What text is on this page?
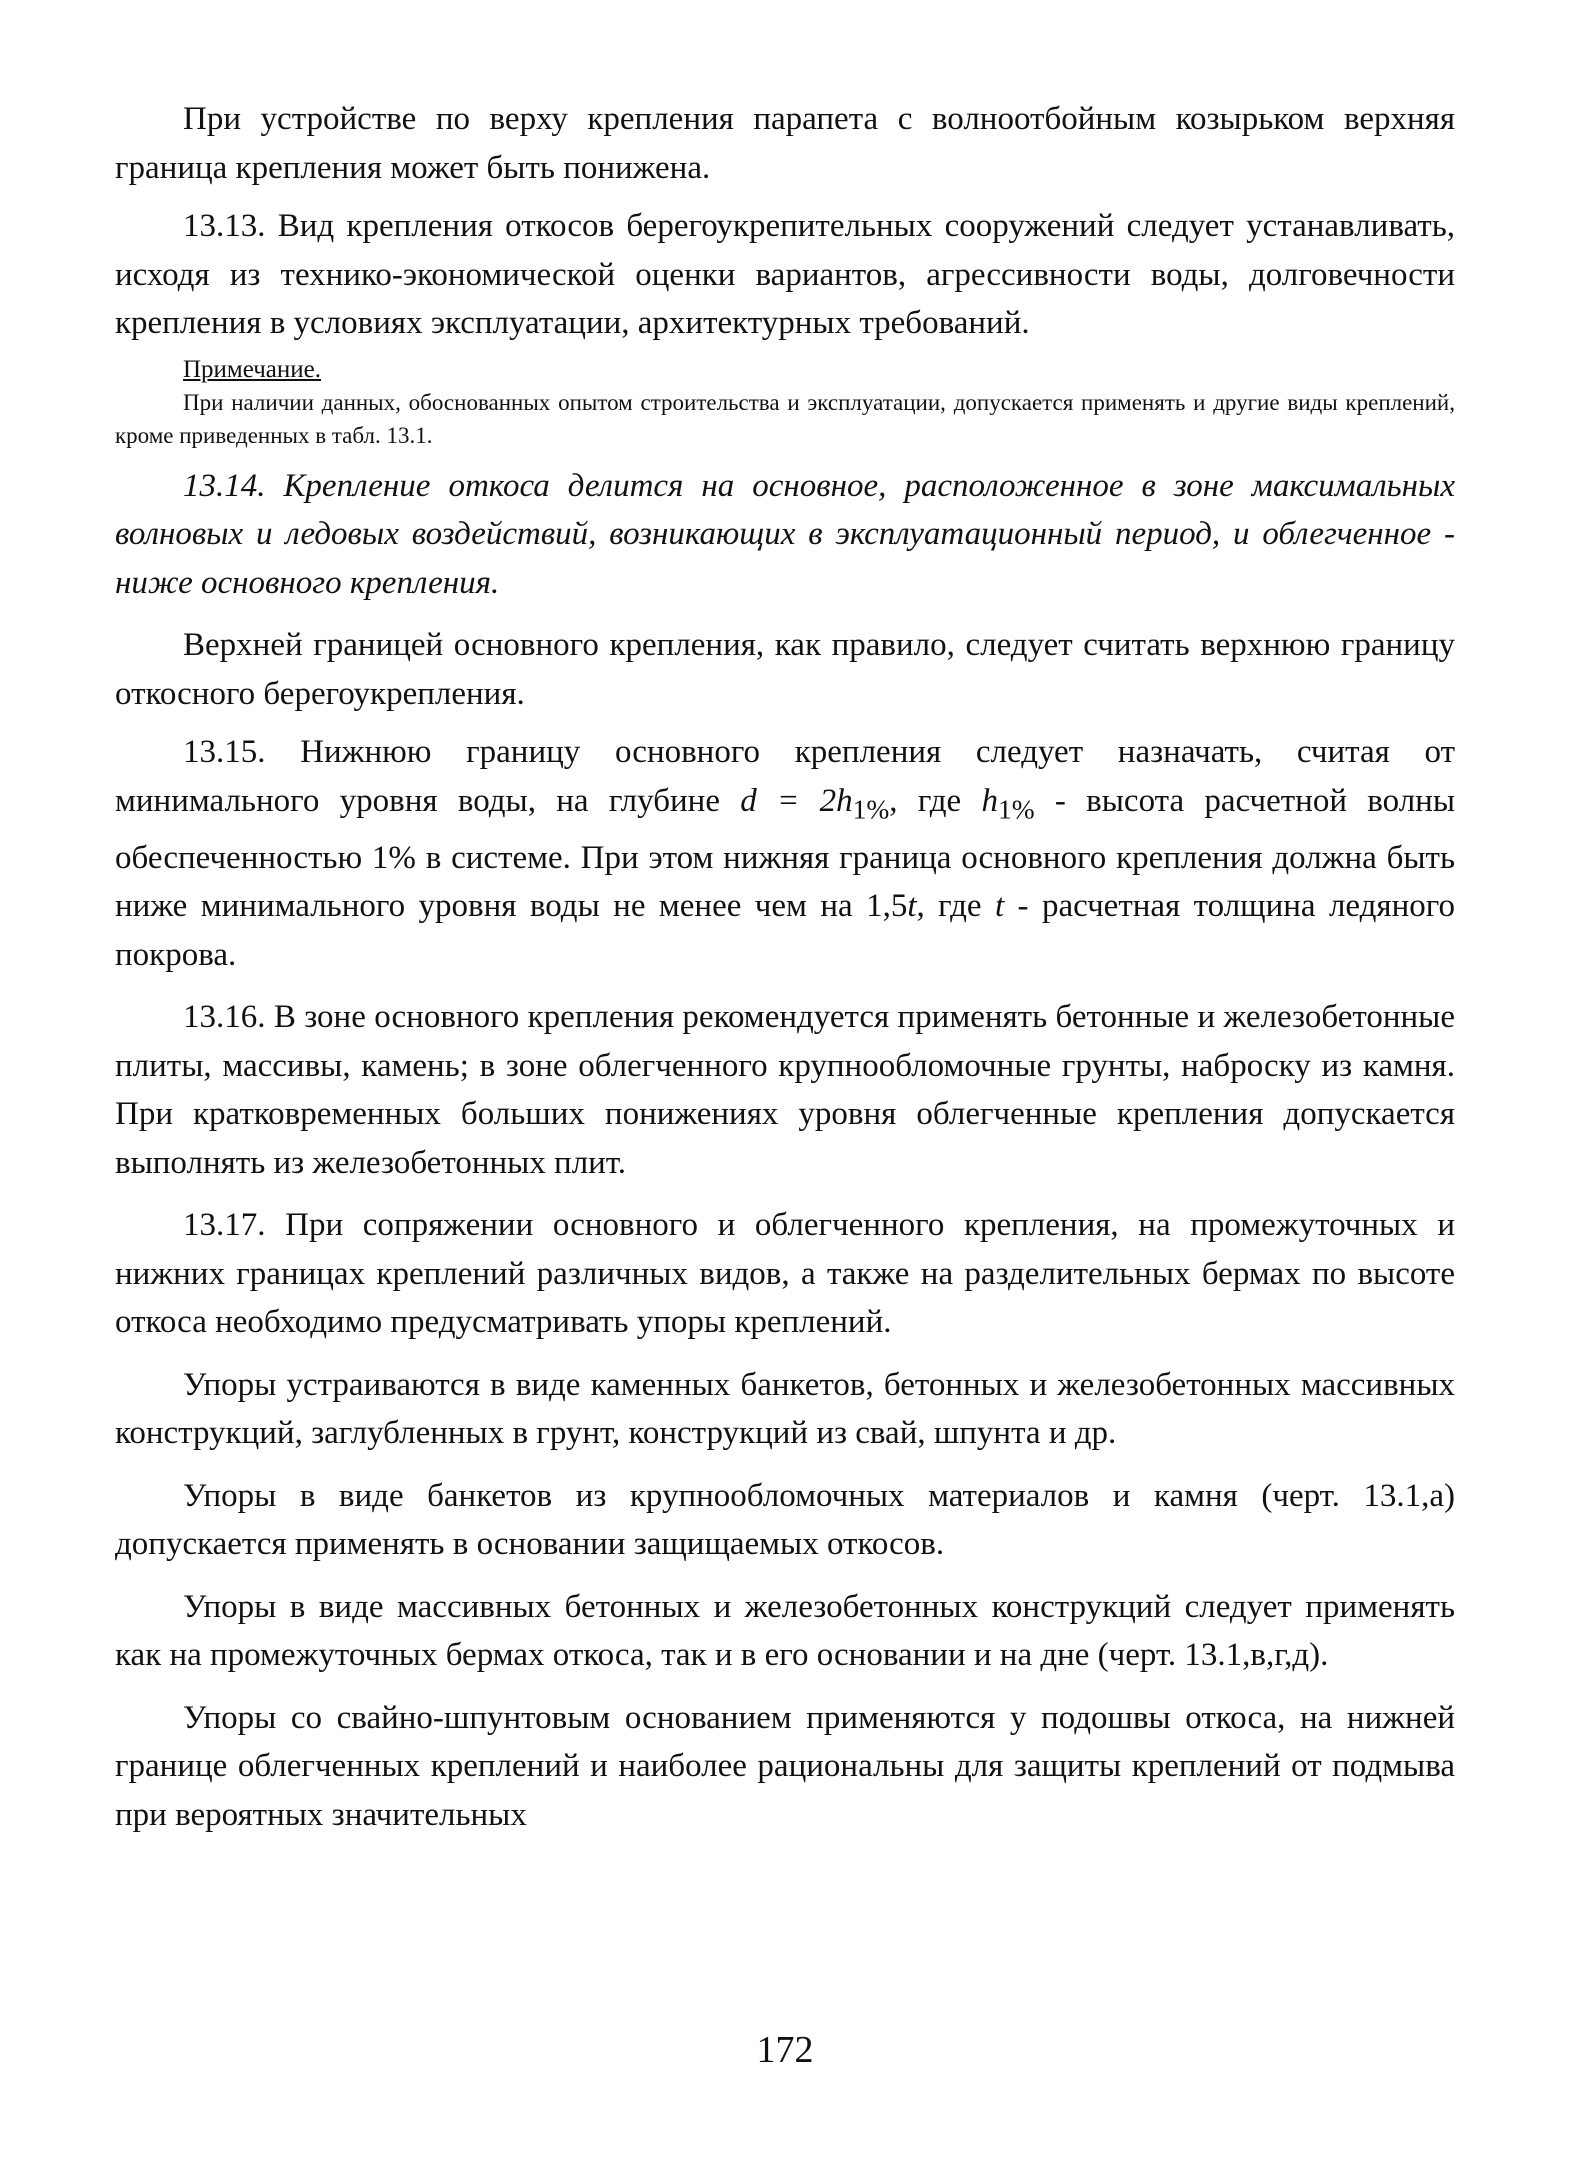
При устройстве по верху крепления парапета с волноотбойным козырьком верхняя граница крепления может быть понижена.

13.13. Вид крепления откосов берегоукрепительных сооружений следует устанавливать, исходя из технико-экономической оценки вариантов, агрессивности воды, долговечности крепления в условиях эксплуатации, архитектурных требований.

Примечание.

При наличии данных, обоснованных опытом строительства и эксплуатации, допускается применять и другие виды креплений, кроме приведенных в табл. 13.1.

13.14. Крепление откоса делится на основное, расположенное в зоне максимальных волновых и ледовых воздействий, возникающих в эксплуатационный период, и облегченное - ниже основного крепления.

Верхней границей основного крепления, как правило, следует считать верхнюю границу откосного берегоукрепления.

13.15. Нижнюю границу основного крепления следует назначать, считая от минимального уровня воды, на глубине $d = 2h_{1\%}$, где $h_{1\%}$ - высота расчетной волны обеспеченностью 1% в системе. При этом нижняя граница основного крепления должна быть ниже минимального уровня воды не менее чем на 1,5t, где t - расчетная толщина ледяного покрова.

13.16. В зоне основного крепления рекомендуется применять бетонные и железобетонные плиты, массивы, камень; в зоне облегченного крупнообломочные грунты, наброску из камня. При кратковременных больших понижениях уровня облегченные крепления допускается выполнять из железобетонных плит.

13.17. При сопряжении основного и облегченного крепления, на промежуточных и нижних границах креплений различных видов, а также на разделительных бермах по высоте откоса необходимо предусматривать упоры креплений.

Упоры устраиваются в виде каменных банкетов, бетонных и железобетонных массивных конструкций, заглубленных в грунт, конструкций из свай, шпунта и др.

Упоры в виде банкетов из крупнообломочных материалов и камня (черт. 13.1,а) допускается применять в основании защищаемых откосов.

Упоры в виде массивных бетонных и железобетонных конструкций следует применять как на промежуточных бермах откоса, так и в его основании и на дне (черт. 13.1,в,г,д).

Упоры со свайно-шпунтовым основанием применяются у подошвы откоса, на нижней границе облегченных креплений и наиболее рациональны для защиты креплений от подмыва при вероятных значительных

172
